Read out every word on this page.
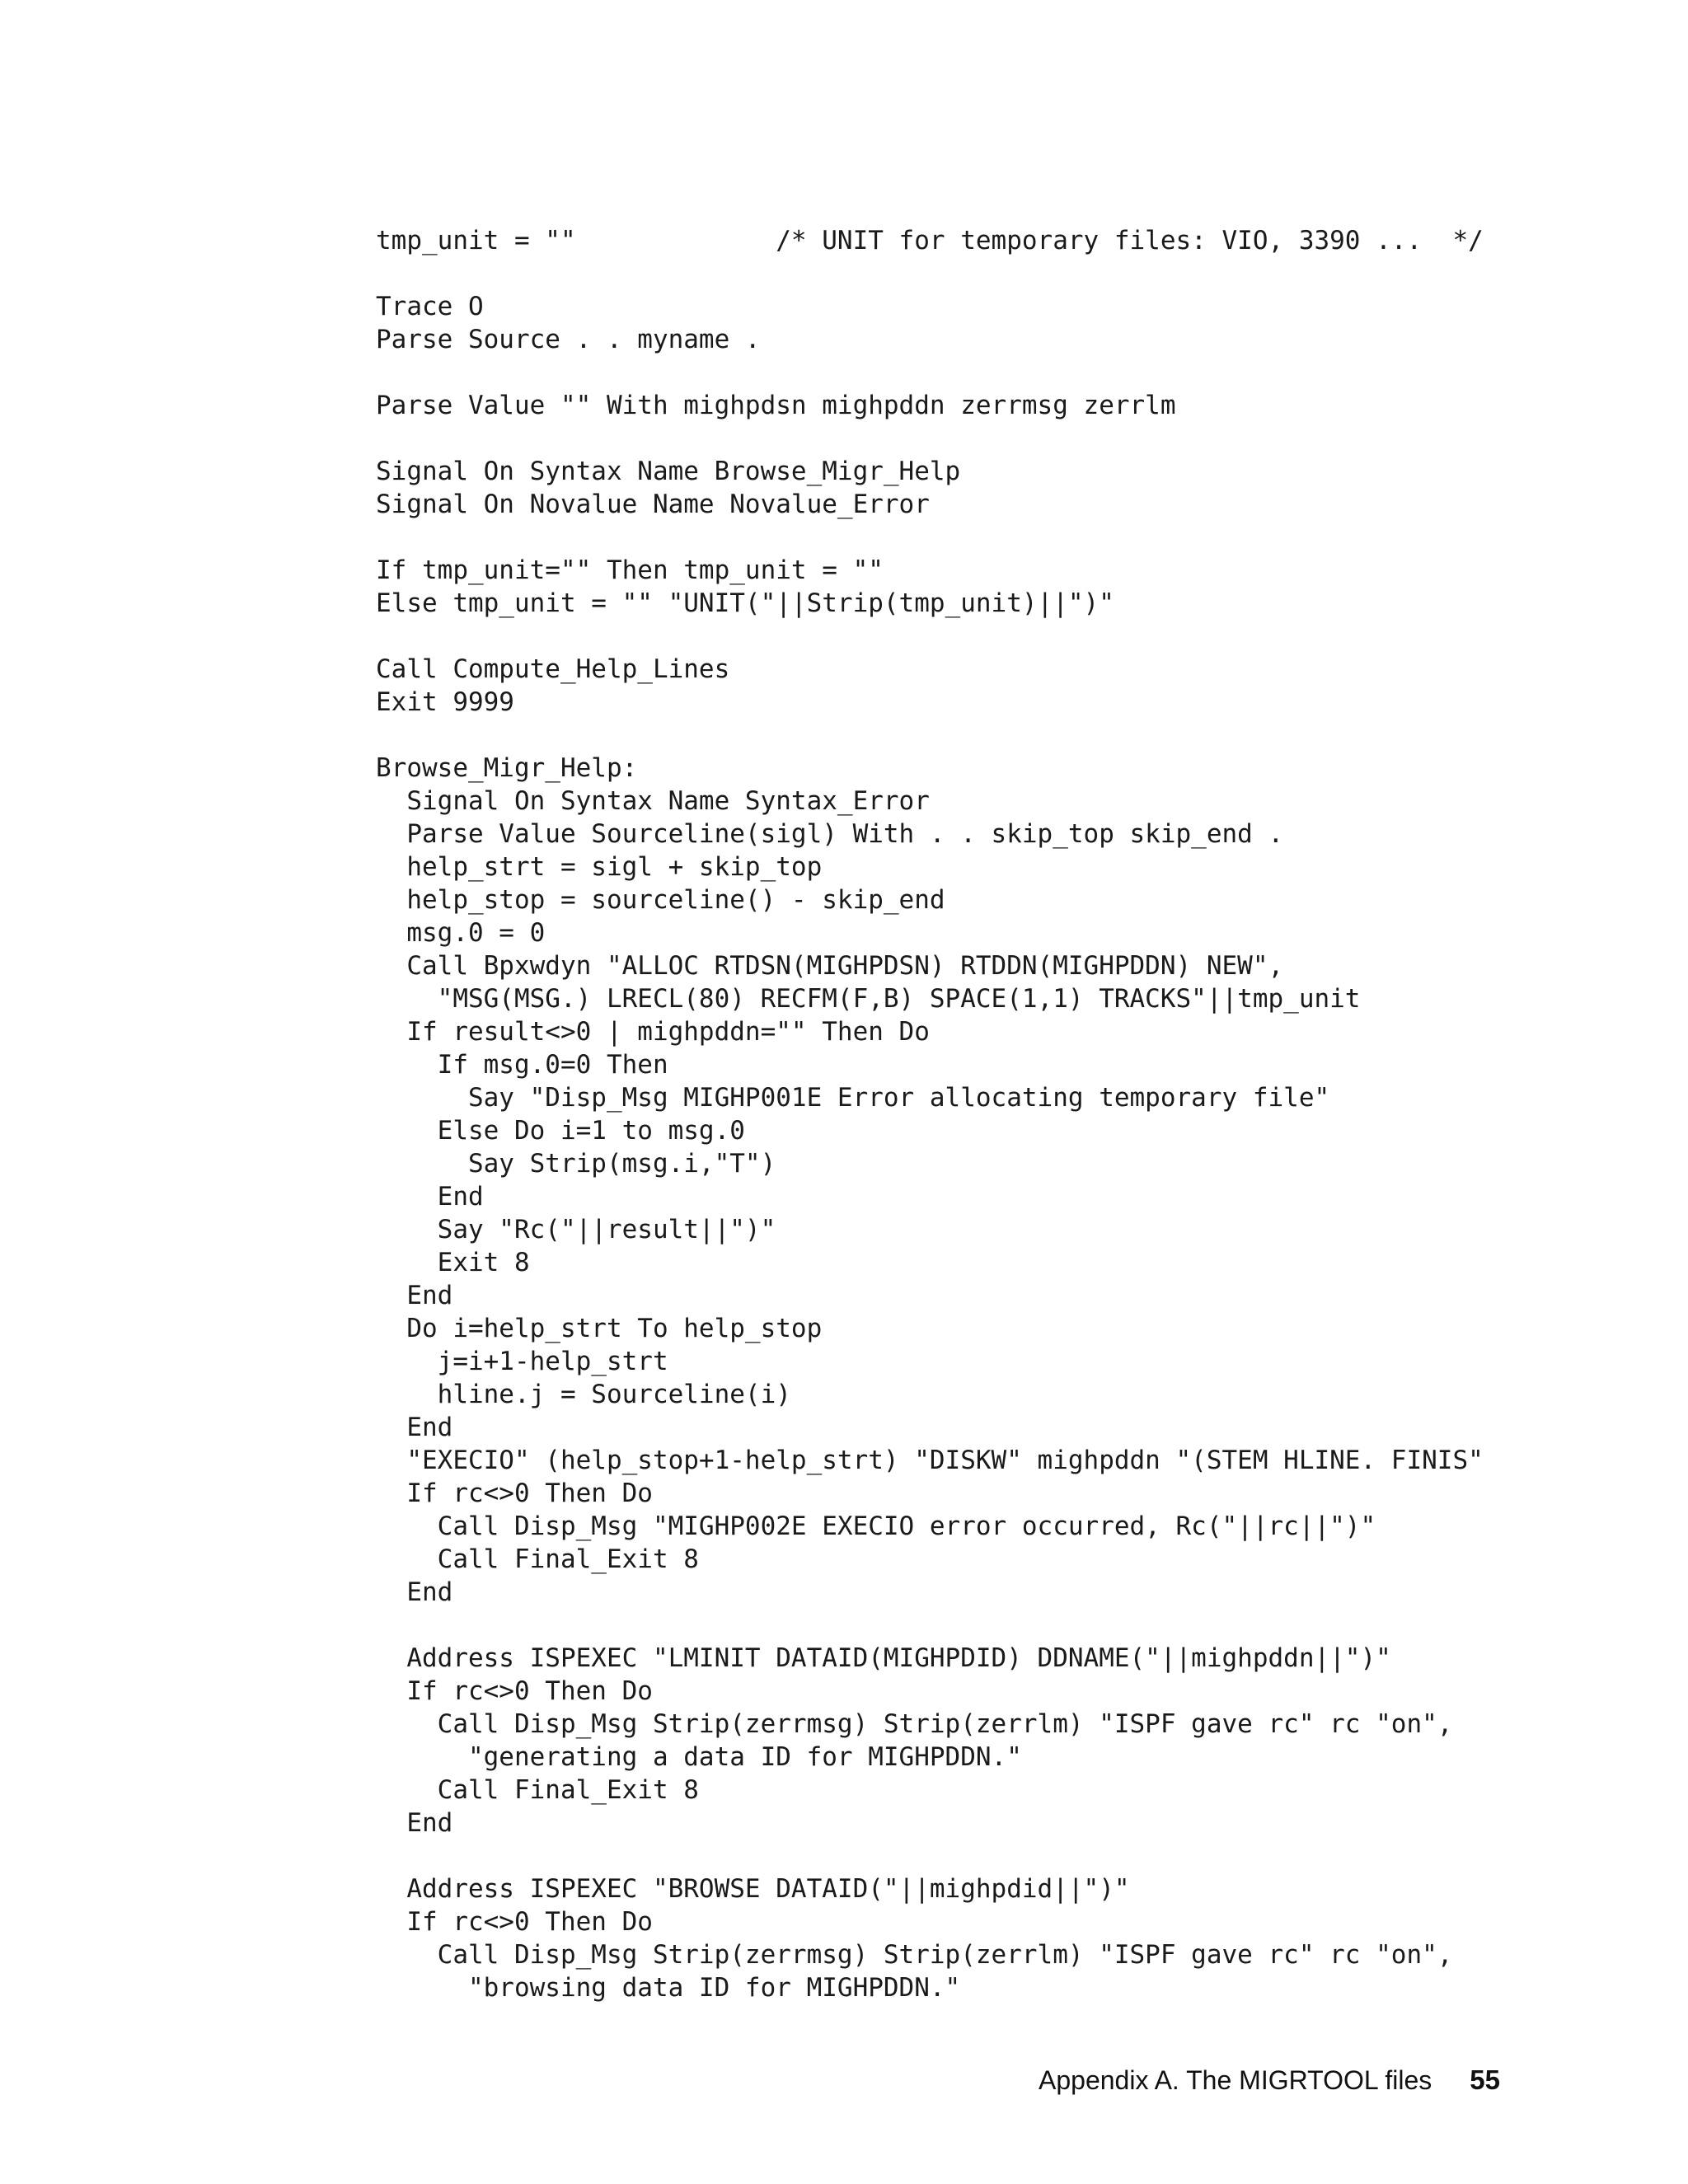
tmp_unit = ""             /* UNIT for temporary files: VIO, 3390 ...  */
Trace O
Parse Source . . myname .
Parse Value "" With mighpdsn mighpddn zerrmsg zerrlm
Signal On Syntax Name Browse_Migr_Help
Signal On Novalue Name Novalue_Error
If tmp_unit="" Then tmp_unit = ""
Else tmp_unit = "" "UNIT("||Strip(tmp_unit)||")"
Call Compute_Help_Lines
Exit 9999
Browse_Migr_Help:
Signal On Syntax Name Syntax_Error
Parse Value Sourceline(sigl) With . . skip_top skip_end .
help_strt = sigl + skip_top
help_stop = sourceline() - skip_end
msg.0 = 0
Call Bpxwdyn "ALLOC RTDSN(MIGHPDSN) RTDDN(MIGHPDDN) NEW",
"MSG(MSG.) LRECL(80) RECFM(F,B) SPACE(1,1) TRACKS"||tmp_unit
If result<>0 | mighpddn="" Then Do
If msg.0=0 Then
Say "Disp_Msg MIGHP001E Error allocating temporary file"
Else Do i=1 to msg.0
Say Strip(msg.i,"T")
End
Say "Rc("||result||")"
Exit 8
End
Do i=help_strt To help_stop
j=i+1-help_strt
hline.j = Sourceline(i)
End
"EXECIO" (help_stop+1-help_strt) "DISKW" mighpddn "(STEM HLINE. FINIS"
If rc<>0 Then Do
Call Disp_Msg "MIGHP002E EXECIO error occurred, Rc("||rc||")"
Call Final_Exit 8
End
Address ISPEXEC "LMINIT DATAID(MIGHPDID) DDNAME("||mighpddn||")"
If rc<>0 Then Do
Call Disp_Msg Strip(zerrmsg) Strip(zerrlm) "ISPF gave rc" rc "on",
"generating a data ID for MIGHPDDN."
Call Final_Exit 8
End
Address ISPEXEC "BROWSE DATAID("||mighpdid||")"
If rc<>0 Then Do
Call Disp_Msg Strip(zerrmsg) Strip(zerrlm) "ISPF gave rc" rc "on",
"browsing data ID for MIGHPDDN."
Appendix A. The MIGRTOOL files 55
